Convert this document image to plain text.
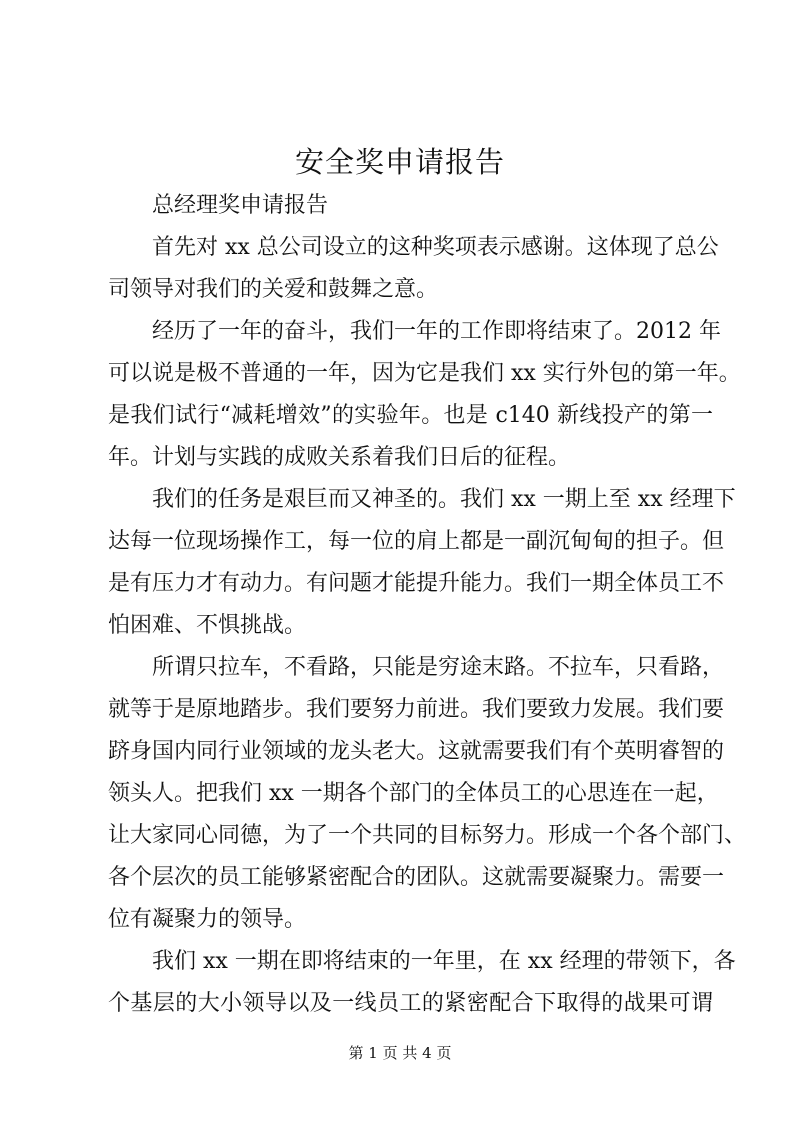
安全奖申请报告
总经理奖申请报告
首先对 xx 总公司设立的这种奖项表示感谢。这体现了总公
司领导对我们的关爱和鼓舞之意。
经历了一年的奋斗，我们一年的工作即将结束了。2012 年
可以说是极不普通的一年，因为它是我们 xx 实行外包的第一年。
是我们试行“减耗增效”的实验年。也是 c140 新线投产的第一
年。计划与实践的成败关系着我们日后的征程。
我们的任务是艰巨而又神圣的。我们 xx 一期上至 xx 经理下
达每一位现场操作工，每一位的肩上都是一副沉甸甸的担子。但
是有压力才有动力。有问题才能提升能力。我们一期全体员工不
怕困难、不惧挑战。
所谓只拉车，不看路，只能是穷途末路。不拉车，只看路，
就等于是原地踏步。我们要努力前进。我们要致力发展。我们要
跻身国内同行业领域的龙头老大。这就需要我们有个英明睿智的
领头人。把我们 xx 一期各个部门的全体员工的心思连在一起，
让大家同心同德，为了一个共同的目标努力。形成一个各个部门、
各个层次的员工能够紧密配合的团队。这就需要凝聚力。需要一
位有凝聚力的领导。
我们 xx 一期在即将结束的一年里，在 xx 经理的带领下，各
个基层的大小领导以及一线员工的紧密配合下取得的战果可谓
第 1 页 共 4 页
